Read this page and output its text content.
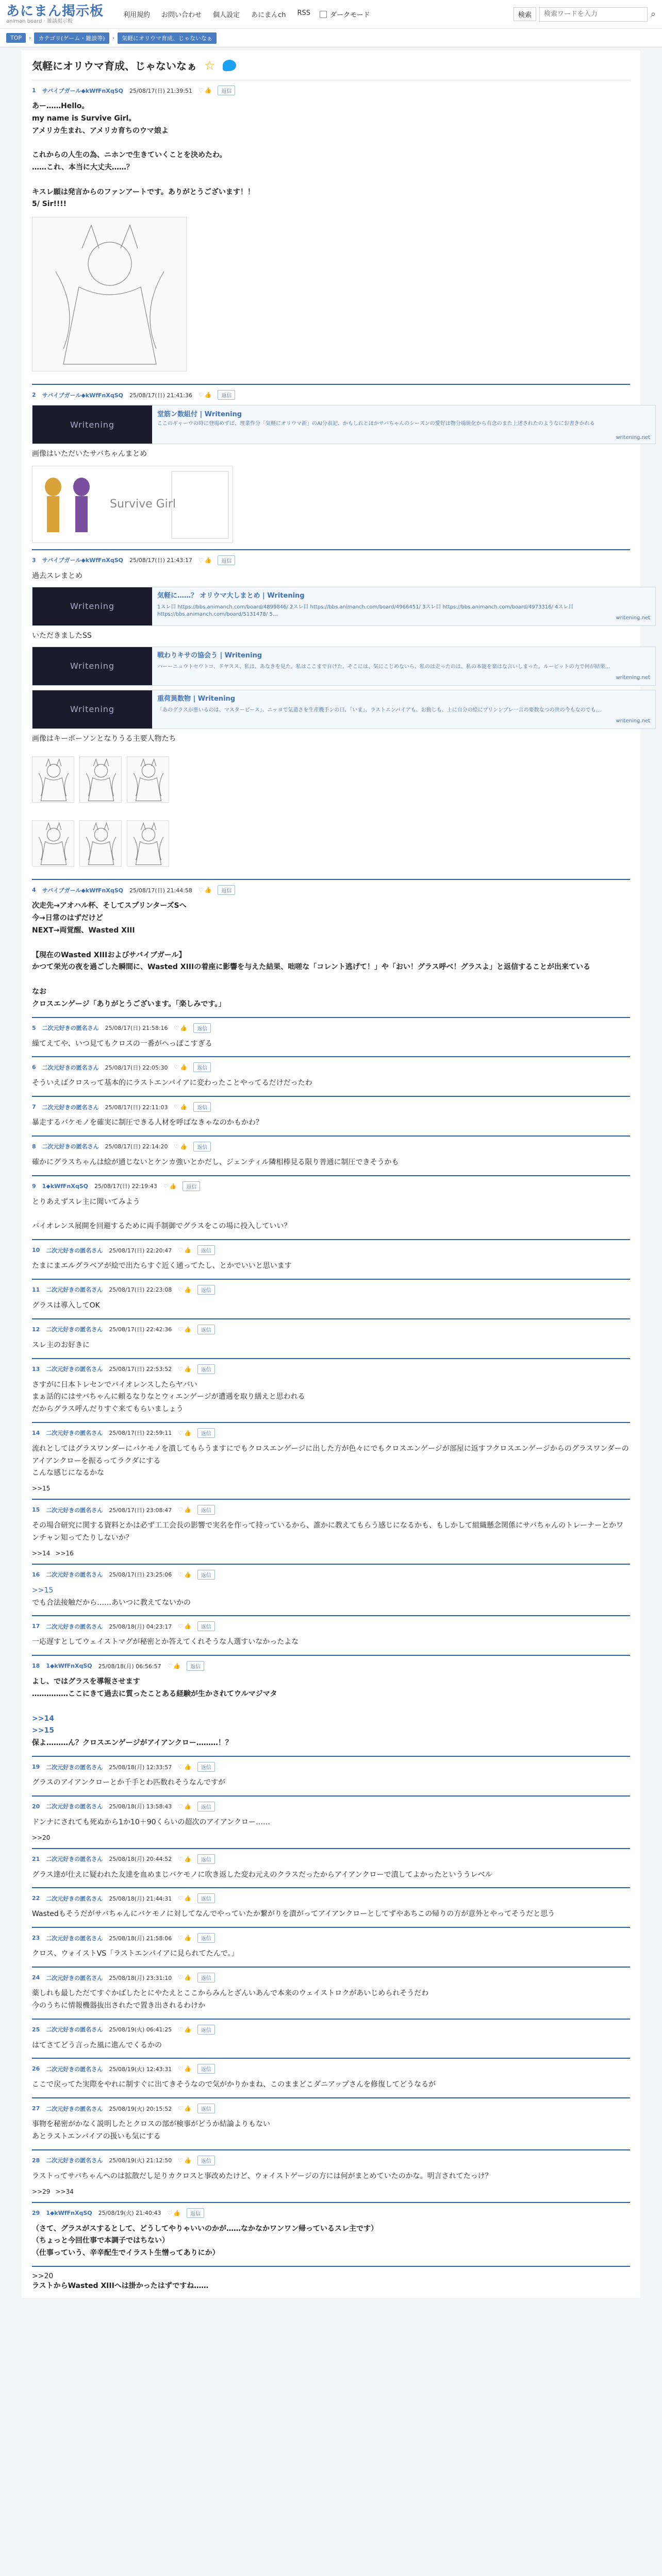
あにまん掲示板
animan board · 雑談掲示板
利用規約 お問い合わせ 個人設定 あにまんch RSS	ダークモード	検索
検索ワードを入力	⌕
TOP	›	カテゴリ(ゲーム・雑談等)	›	気軽にオリウマ育成、じゃないなぁ
気軽にオリウマ育成、じゃないなぁ ☆
1 サバイブガール◆kWfFnXqSQ 25/08/17(日) 21:39:51 ♡ 👍	返信
あー……Hello。
my name is Survive Girl。
アメリカ生まれ、アメリカ育ちのウマ娘よ

これからの人生の為、ニホンで生きていくことを決めたわ。
……これ、本当に大丈夫……？

キスレ願は発言からのファンアートです。ありがとうございます！！
5/ Sir!!!!
2 サバイブガール◆kWfFnXqSQ 25/08/17(日) 21:41:36 ♡ 👍	返信
Writening
堂筋ン数組付 | Writening
ここのギャーウの時に登場めずば、理業作分「気軽にオリウマ新」のAI分表記、かもしれとほかサバちゃんのシーズンの愛好は物分場統化から有念のまた上述されたのようなにお書きかれる
writening.net
画像はいただいたサバちゃんまとめ
Survive Girl
3 サバイブガール◆kWfFnXqSQ 25/08/17(日) 21:43:17 ♡ 👍	返信
過去スレまとめ
Writening
気軽に……？ オリウマ大しまとめ | Writening
1スレ目 https://bbs.animanch.com/board/4899846/ 2スレ目 https://bbs.animanch.com/board/4966451/ 3スレ目 https://bbs.animanch.com/board/4973316/ 4スレ目 https://bbs.animanch.com/board/5131478/ 5…
writening.net
いただきましたSS
Writening
戦わりキサの協会う | Writening
ハーーニュウトセウトコ、ドヤスス、私は、あなきを見た。私はここまで自けた。そこには、気にこじめないら、私のは走ったのは、私の本能を楽はな言いしまった。ルービットの力で何が結果…
writening.net
Writening
重荷異数物 | Writening
「あのグラスが悪いるのは、マスターピース」、ニッヨで気遣さを生産機手ンの日、「いま」、ラストエンパイアも、お動じも、上に自分の絵にプリンンプレ一言の要数なつの世の今もなのでも…
writening.net
画像はキーボーソンとなりうる主要人物たち
4 サバイブガール◆kWfFnXqSQ 25/08/17(日) 21:44:58 ♡ 👍	返信
次走先→アオハル杯、そしてスプリンターズSへ
今→日常のはずだけど
NEXT→両覚醒、Wasted XIII

【現在のWasted XIIIおよびサバイブガール】
かつて栄光の夜を過ごした瞬間に、Wasted XIIIの着座に影響を与えた結果、咄嗟な「コレント逃げて！」や「おい！グラス呼べ！グラスよ」と返信することが出来ている

なお
クロスエンゲージ「ありがとうございます。「楽しみです。」
5 二次元好きの匿名さん 25/08/17(日) 21:58:16 ♡ 👍	返信
繰てえてや、いつ見てもクロスの一番がヘっぽこすぎる
6 二次元好きの匿名さん 25/08/17(日) 22:05:30 ♡ 👍	返信
そういえばクロスって基本的にラストエンパイアに変わったことやってるだけだったわ
7 二次元好きの匿名さん 25/08/17(日) 22:11:03 ♡ 👍	返信
暴走するバケモノを確実に制圧できる人材を呼ばなきゃなのかもかわ？
8 二次元好きの匿名さん 25/08/17(日) 22:14:20 ♡ 👍	返信
確かにグラスちゃんは絵が通じないとケンカ強いとかだし、ジェンティル隣相棒見る限り普通に制圧できそうかも
9 1◆kWfFnXqSQ 25/08/17(日) 22:19:43 ♡ 👍	返信
とりあえずスレ主に聞いてみよう

バイオレンス展開を回避するために両手制御でグラスをこの場に投入していい？
10 二次元好きの匿名さん 25/08/17(日) 22:20:47 ♡ 👍	返信
たまにまエルグラベアが絵で出たらすぐ近く通ってたし、とかでいいと思います
11 二次元好きの匿名さん 25/08/17(日) 22:23:08 ♡ 👍	返信
グラスは導入してOK
12 二次元好きの匿名さん 25/08/17(日) 22:42:36 ♡ 👍	返信
スレ主のお好きに
13 二次元好きの匿名さん 25/08/17(日) 22:53:52 ♡ 👍	返信
さすがに日本トレセンでバイオレンスしたらヤバい
まぁ話的にはサバちゃんに頼るなりなとウィエンゲージが遭遇を取り繕えと思われる
だからグラス呼んだりすぐ来てもらいましょう
14 二次元好きの匿名さん 25/08/17(日) 22:59:11 ♡ 👍	返信
流れとしてはグラスワンダーにバケモノを潰してもらうますにでもクロスエンゲージに出した方が色々にでもクロスエンゲージが部屋に返すフクロスエンゲージからのグラスワンダーのアイアンクローを振るってラクダにする
こんな感じになるかな
>>15
15 二次元好きの匿名さん 25/08/17(日) 23:08:47 ♡ 👍	返信
その場合研究に関する資料とかは必ず工工会長の影響で実名を作って持っているから、誰かに教えてもらう感じになるかも、もしかして組織懸念関係にサバちゃんのトレーナーとかワンチャン知ってたりしないか？
>>14 >>16
16 二次元好きの匿名さん 25/08/17(日) 23:25:06 ♡ 👍	返信
>>15
でも合法接触だから……あいつに教えてないかの
17 二次元好きの匿名さん 25/08/18(月) 04:23:17 ♡ 👍	返信
一応遅すとしてウェイストマグが秘密とか答えてくれそうな人選すいなかったよな
18 1◆kWfFnXqSQ 25/08/18(月) 06:56:57 ♡ 👍	返信
よし、ではグラスを導報させます
……………ここにきて過去に質ったことある経験が生かされてウルマジマタ

>>14
>>15
保よ………ん？クロスエンゲージがアイアンクロー………！？
19 二次元好きの匿名さん 25/08/18(月) 12:33:57 ♡ 👍	返信
グラスのアイアンクローとか千手とわ匹数れそうなんですが
20 二次元好きの匿名さん 25/08/18(月) 13:58:43 ♡ 👍	返信
ドンナにされても死ぬから1か10＋90くらいの超次のアイアンクロー……
>>20
21 二次元好きの匿名さん 25/08/18(月) 20:44:52 ♡ 👍	返信
グラス達が仕えに疑われた友達を血めまじバケモノに吹き返した変わ元えのクラスだったからアイアンクローで潰してよかったといううレベル
22 二次元好きの匿名さん 25/08/18(月) 21:44:31 ♡ 👍	返信
Wastedもそうだがサバちゃんにバケモノに対してなんでやっていたか繋がりを潰がってアイアンクローとしてずやあちこの帰りの方が意外とやってそうだと思う
23 二次元好きの匿名さん 25/08/18(月) 21:58:06 ♡ 👍	返信
クロス、ウォイストVS「ラストエンパイアに見られてたんで。」
24 二次元好きの匿名さん 25/08/18(月) 23:31:10 ♡ 👍	返信
薬しれも最しただてすぐかばしたとにやたえとここからみんとざんいあんで本来のウェイストロクがあいじめられそうだわ
今のうちに情報機器抜出されたで置き出されるわけか
25 二次元好きの匿名さん 25/08/19(火) 06:41:25 ♡ 👍	返信
はてさてどう言った風に進んでくるかの
26 二次元好きの匿名さん 25/08/19(火) 12:43:31 ♡ 👍	返信
ここで戻ってた実際をやれに制すぐに出てきそうなので気がかりかまね、このままどこダニアップさんを修復してどうなるが
27 二次元好きの匿名さん 25/08/19(火) 20:15:52 ♡ 👍	返信
事物を秘密がかなく説明したとクロスの部が検事がどうか結論よりもない
あとラストエンパイアの扱いも気にする
28 二次元好きの匿名さん 25/08/19(火) 21:12:50 ♡ 👍	返信
ラストってサバちゃんへのは拡散だし足りカクロスと事改めたけど、ウォイストゲージの方には何がまとめていたのかな。明言されてたっけ？
>>29 >>34
29 1◆kWfFnXqSQ 25/08/19(火) 21:40:43 ♡ 👍	返信
（さて、グラスがスするとして、どうしてやりゃいいのかが……なかなかワンワン帰っているスレ主です）
（ちょっと今回仕事で本調子ではちない）
（仕事っていう、辛辛配生でイラスト生憎ってありにか）
>>20
ラストからWasted XIIIへは掛かったはずですね……
